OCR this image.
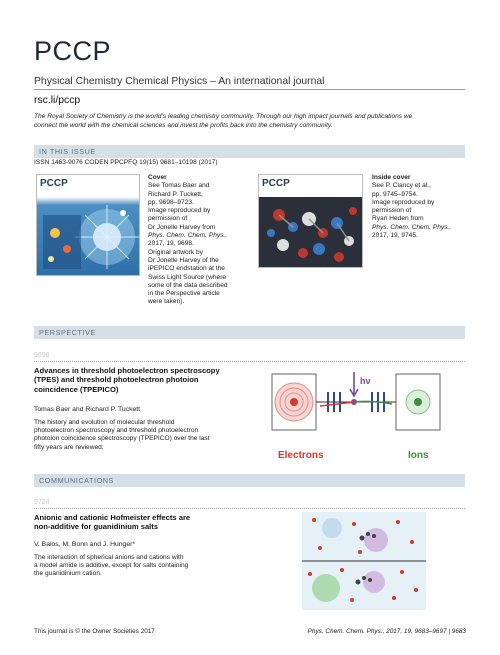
PCCP
Physical Chemistry Chemical Physics – An international journal
rsc.li/pccp
The Royal Society of Chemistry is the world’s leading chemistry community. Through our high impact journals and publications we
connect the world with the chemical sciences and invest the profits back into the chemistry community.
IN THIS ISSUE
ISSN 1463-9076 CODEN PPCPFQ 19(15) 9681–10198 (2017)
PCCP
Cover
See Tomas Baer and
Richard P. Tuckett,
pp. 9698–9723.
Image reproduced by
permission of
Dr Jonelle Harvey from
Phys. Chem. Chem. Phys.,
2017, 19, 9698.
Original artwork by
Dr Jonelle Harvey of the
iPEPICO endstation at the
Swiss Light Source (where
some of the data described
in the Perspective article
were taken).
PCCP
Inside cover
See P. Clancy et al.,
pp. 9745–9754.
Image reproduced by
permission of
Ryan Heden from
Phys. Chem. Chem. Phys.,
2017, 19, 9745.
PERSPECTIVE
9698
Advances in threshold photoelectron spectroscopy
(TPES) and threshold photoelectron photoion
coincidence (TPEPICO)
Tomas Baer and Richard P. Tuckett
The history and evolution of molecular threshold
photoelectron spectroscopy and threshold photoelectron
photoion coincidence spectroscopy (TPEPICO) over the last
fifty years are reviewed.
hν
Electrons	Ions
COMMUNICATIONS
9724
Anionic and cationic Hofmeister effects are
non-additive for guanidinium salts
V. Balos, M. Bonn and J. Hunger*
The interaction of spherical anions and cations with
a model amide is additive, except for salts containing
the guanidinium cation.
This journal is © the Owner Societies 2017	Phys. Chem. Chem. Phys., 2017, 19, 9683–9697 | 9683
